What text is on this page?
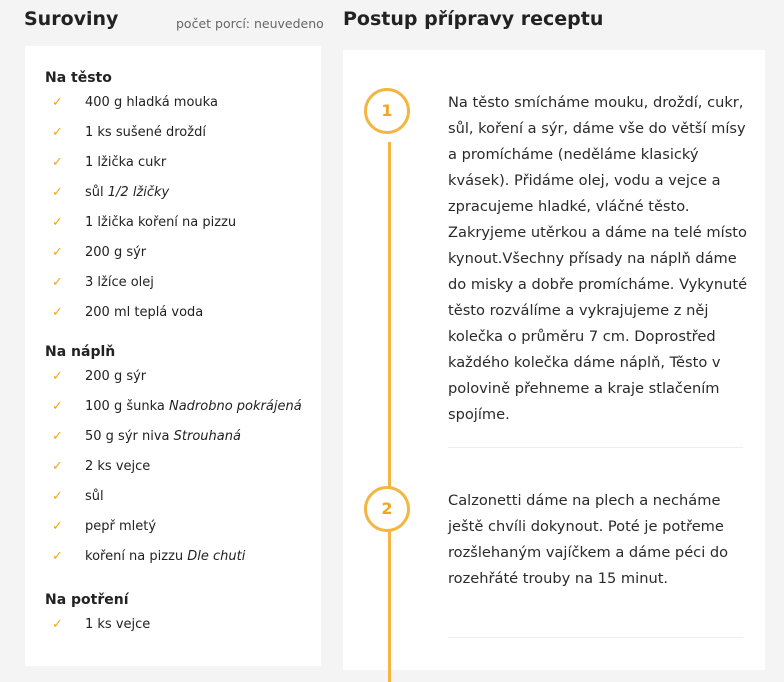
Suroviny	počet porcí: neuvedeno Postup přípravy receptu
Na těsto
✓ 400 g hladká mouka
✓ 1 ks sušené droždí
✓ 1 lžička cukr
✓ sůl 1/2 lžičky
✓ 1 lžička koření na pizzu
✓ 200 g sýr
✓ 3 lžíce olej
✓ 200 ml teplá voda
Na náplň
✓ 200 g sýr
✓ 100 g šunka Nadrobno pokrájená
✓ 50 g sýr niva Strouhaná
✓ 2 ks vejce
✓ sůl
✓ pepř mletý
✓ koření na pizzu Dle chuti
Na potření
✓ 1 ks vejce
1	Na těsto smícháme mouku, droždí, cukr, sůl, koření a sýr, dáme vše do větší mísy a promícháme (neděláme klasický kvásek). Přidáme olej, vodu a vejce a zpracujeme hladké, vláčné těsto. Zakryjeme utěrkou a dáme na telé místo kynout.Všechny přísady na náplň dáme do misky a dobře promícháme. Vykynuté těsto rozválíme a vykrajujeme z něj kolečka o průměru 7 cm. Doprostřed každého kolečka dáme náplň, Těsto v polovině přehneme a kraje stlačením spojíme.
2	Calzonetti dáme na plech a necháme ještě chvíli dokynout. Poté je potřeme rozšlehaným vajíčkem a dáme péci do rozehřáté trouby na 15 minut.
